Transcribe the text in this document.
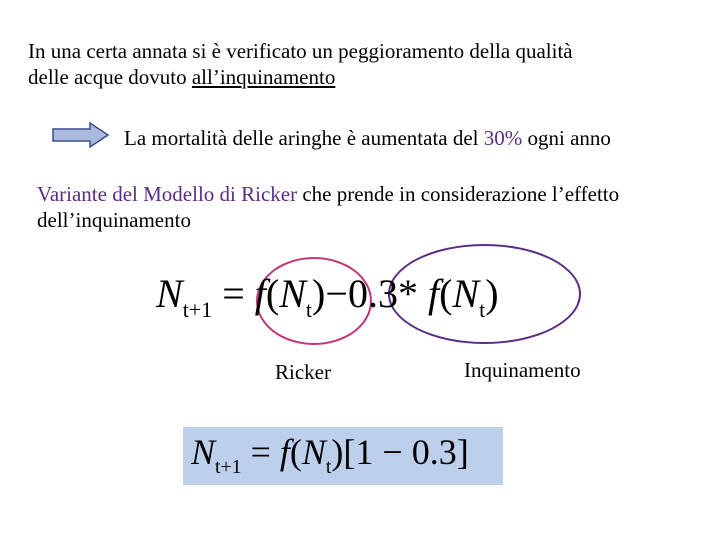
In una certa annata si è verificato un peggioramento della qualità
delle acque dovuto all’inquinamento
La mortalità delle aringhe è aumentata del 30% ogni anno
Variante del Modello di Ricker che prende in considerazione l’effetto
dell’inquinamento
$N_{t+1} = f(N_t)-0.3*$ $f(N_t)$
Ricker	Inquinamento
$N_{t+1} = f(N_t)[1 - 0.3]$
